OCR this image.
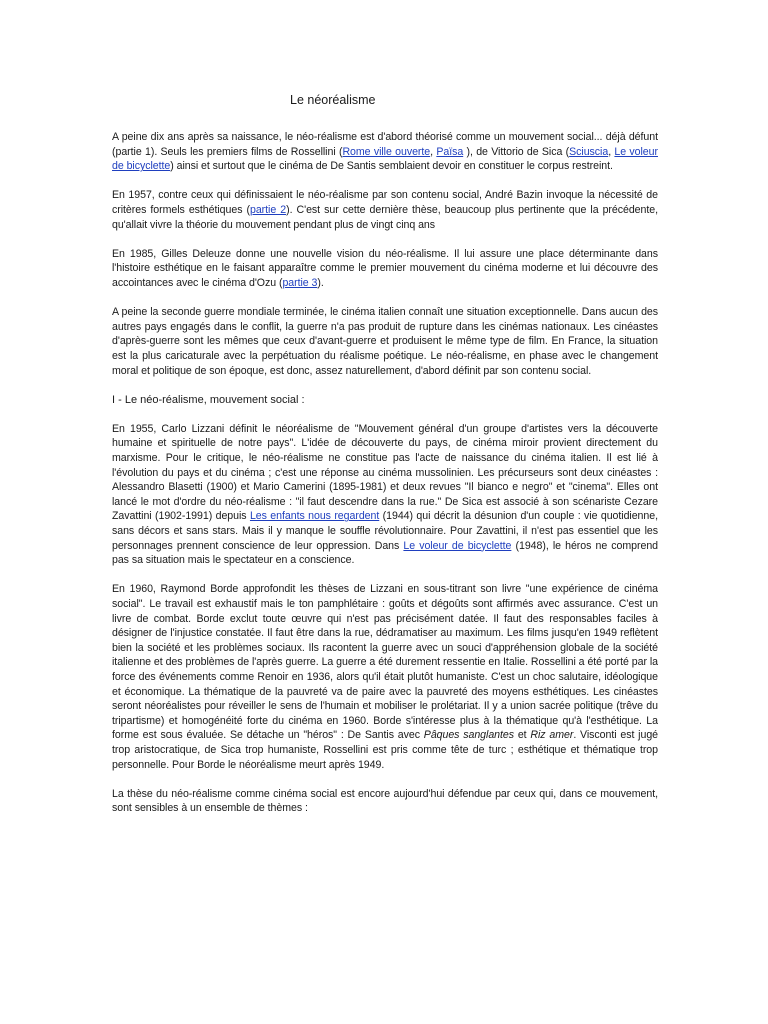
Le néoréalisme

A peine dix ans après sa naissance, le néo-réalisme est d'abord théorisé comme un mouvement social... déjà défunt (partie 1). Seuls les premiers films de Rossellini (Rome ville ouverte, Païsa ), de Vittorio de Sica (Sciuscia, Le voleur de bicyclette) ainsi et surtout que le cinéma de De Santis semblaient devoir en constituer le corpus restreint.

En 1957, contre ceux qui définissaient le néo-réalisme par son contenu social, André Bazin invoque la nécessité de critères formels esthétiques (partie 2). C'est sur cette dernière thèse, beaucoup plus pertinente que la précédente, qu'allait vivre la théorie du mouvement pendant plus de vingt cinq ans

En 1985, Gilles Deleuze donne une nouvelle vision du néo-réalisme. Il lui assure une place déterminante dans l'histoire esthétique en le faisant apparaître comme le premier mouvement du cinéma moderne et lui découvre des accointances avec le cinéma d'Ozu (partie 3).

A peine la seconde guerre mondiale terminée, le cinéma italien connaît une situation exceptionnelle. Dans aucun des autres pays engagés dans le conflit, la guerre n'a pas produit de rupture dans les cinémas nationaux. Les cinéastes d'après-guerre sont les mêmes que ceux d'avant-guerre et produisent le même type de film. En France, la situation est la plus caricaturale avec la perpétuation du réalisme poétique. Le néo-réalisme, en phase avec le changement moral et politique de son époque, est donc, assez naturellement, d'abord définit par son contenu social.

I - Le néo-réalisme, mouvement social :

En 1955, Carlo Lizzani définit le néoréalisme de "Mouvement général d'un groupe d'artistes vers la découverte humaine et spirituelle de notre pays". L'idée de découverte du pays, de cinéma miroir provient directement du marxisme. Pour le critique, le néo-réalisme ne constitue pas l'acte de naissance du cinéma italien. Il est lié à l'évolution du pays et du cinéma ; c'est une réponse au cinéma mussolinien. Les précurseurs sont deux cinéastes : Alessandro Blasetti (1900) et Mario Camerini (1895-1981) et deux revues "Il bianco e negro" et "cinema". Elles ont lancé le mot d'ordre du néo-réalisme : "il faut descendre dans la rue." De Sica est associé à son scénariste Cezare Zavattini (1902-1991) depuis Les enfants nous regardent (1944) qui décrit la désunion d'un couple : vie quotidienne, sans décors et sans stars. Mais il y manque le souffle révolutionnaire. Pour Zavattini, il n'est pas essentiel que les personnages prennent conscience de leur oppression. Dans Le voleur de bicyclette (1948), le héros ne comprend pas sa situation mais le spectateur en a conscience.

En 1960, Raymond Borde approfondit les thèses de Lizzani en sous-titrant son livre "une expérience de cinéma social". Le travail est exhaustif mais le ton pamphlétaire : goûts et dégoûts sont affirmés avec assurance. C'est un livre de combat. Borde exclut toute œuvre qui n'est pas précisément datée. Il faut des responsables faciles à désigner de l'injustice constatée. Il faut être dans la rue, dédramatiser au maximum. Les films jusqu'en 1949 reflètent bien la société et les problèmes sociaux. Ils racontent la guerre avec un souci d'appréhension globale de la société italienne et des problèmes de l'après guerre. La guerre a été durement ressentie en Italie. Rossellini a été porté par la force des événements comme Renoir en 1936, alors qu'il était plutôt humaniste. C'est un choc salutaire, idéologique et économique. La thématique de la pauvreté va de paire avec la pauvreté des moyens esthétiques. Les cinéastes seront néoréalistes pour réveiller le sens de l'humain et mobiliser le prolétariat. Il y a union sacrée politique (trêve du tripartisme) et homogénéité forte du cinéma en 1960. Borde s'intéresse plus à la thématique qu'à l'esthétique. La forme est sous évaluée. Se détache un "héros" : De Santis avec Pâques sanglantes et Riz amer. Visconti est jugé trop aristocratique, de Sica trop humaniste, Rossellini est pris comme tête de turc ; esthétique et thématique trop personnelle. Pour Borde le néoréalisme meurt après 1949.

La thèse du néo-réalisme comme cinéma social est encore aujourd'hui défendue par ceux qui, dans ce mouvement, sont sensibles à un ensemble de thèmes :
